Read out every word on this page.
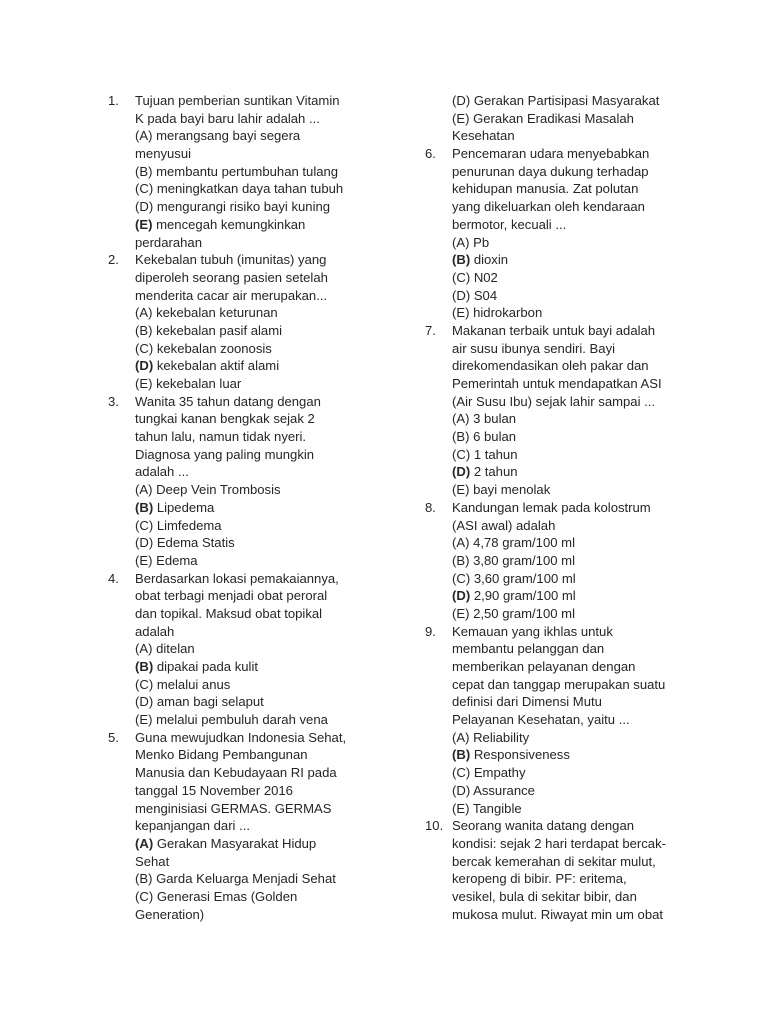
1.	Tujuan pemberian suntikan Vitamin
K pada bayi baru lahir adalah ...
(A) merangsang bayi segera
menyusui
(B) membantu pertumbuhan tulang
(C) meningkatkan daya tahan tubuh
(D) mengurangi risiko bayi kuning
(E) mencegah kemungkinkan
perdarahan
2.	Kekebalan tubuh (imunitas) yang
diperoleh seorang pasien setelah
menderita cacar air merupakan...
(A) kekebalan keturunan
(B) kekebalan pasif alami
(C) kekebalan zoonosis
(D) kekebalan aktif alami
(E) kekebalan luar
3.	Wanita 35 tahun datang dengan
tungkai kanan bengkak sejak 2
tahun lalu, namun tidak nyeri.
Diagnosa yang paling mungkin
adalah ...
(A) Deep Vein Trombosis
(B) Lipedema
(C) Limfedema
(D) Edema Statis
(E) Edema
4.	Berdasarkan lokasi pemakaiannya,
obat terbagi menjadi obat peroral
dan topikal. Maksud obat topikal
adalah
(A) ditelan
(B) dipakai pada kulit
(C) melalui anus
(D) aman bagi selaput
(E) melalui pembuluh darah vena
5.	Guna mewujudkan Indonesia Sehat,
Menko Bidang Pembangunan
Manusia dan Kebudayaan RI pada
tanggal 15 November 2016
menginisiasi GERMAS. GERMAS
kepanjangan dari ...
(A) Gerakan Masyarakat Hidup
Sehat
(B) Garda Keluarga Menjadi Sehat
(C) Generasi Emas (Golden
Generation)
(D) Gerakan Partisipasi Masyarakat
(E) Gerakan Eradikasi Masalah
Kesehatan
6.	Pencemaran udara menyebabkan
penurunan daya dukung terhadap
kehidupan manusia. Zat polutan
yang dikeluarkan oleh kendaraan
bermotor, kecuali ...
(A) Pb
(B) dioxin
(C) N02
(D) S04
(E) hidrokarbon
7.	Makanan terbaik untuk bayi adalah
air susu ibunya sendiri. Bayi
direkomendasikan oleh pakar dan
Pemerintah untuk mendapatkan ASI
(Air Susu Ibu) sejak lahir sampai ...
(A) 3 bulan
(B) 6 bulan
(C) 1 tahun
(D) 2 tahun
(E) bayi menolak
8.	Kandungan lemak pada kolostrum
(ASI awal) adalah
(A) 4,78 gram/100 ml
(B) 3,80 gram/100 ml
(C) 3,60 gram/100 ml
(D) 2,90 gram/100 ml
(E) 2,50 gram/100 ml
9.	Kemauan yang ikhlas untuk
membantu pelanggan dan
memberikan pelayanan dengan
cepat dan tanggap merupakan suatu
definisi dari Dimensi Mutu
Pelayanan Kesehatan, yaitu ...
(A) Reliability
(B) Responsiveness
(C) Empathy
(D) Assurance
(E) Tangible
10. Seorang wanita datang dengan
kondisi: sejak 2 hari terdapat bercak-
bercak kemerahan di sekitar mulut,
keropeng di bibir. PF: eritema,
vesikel, bula di sekitar bibir, dan
mukosa mulut. Riwayat min um obat
